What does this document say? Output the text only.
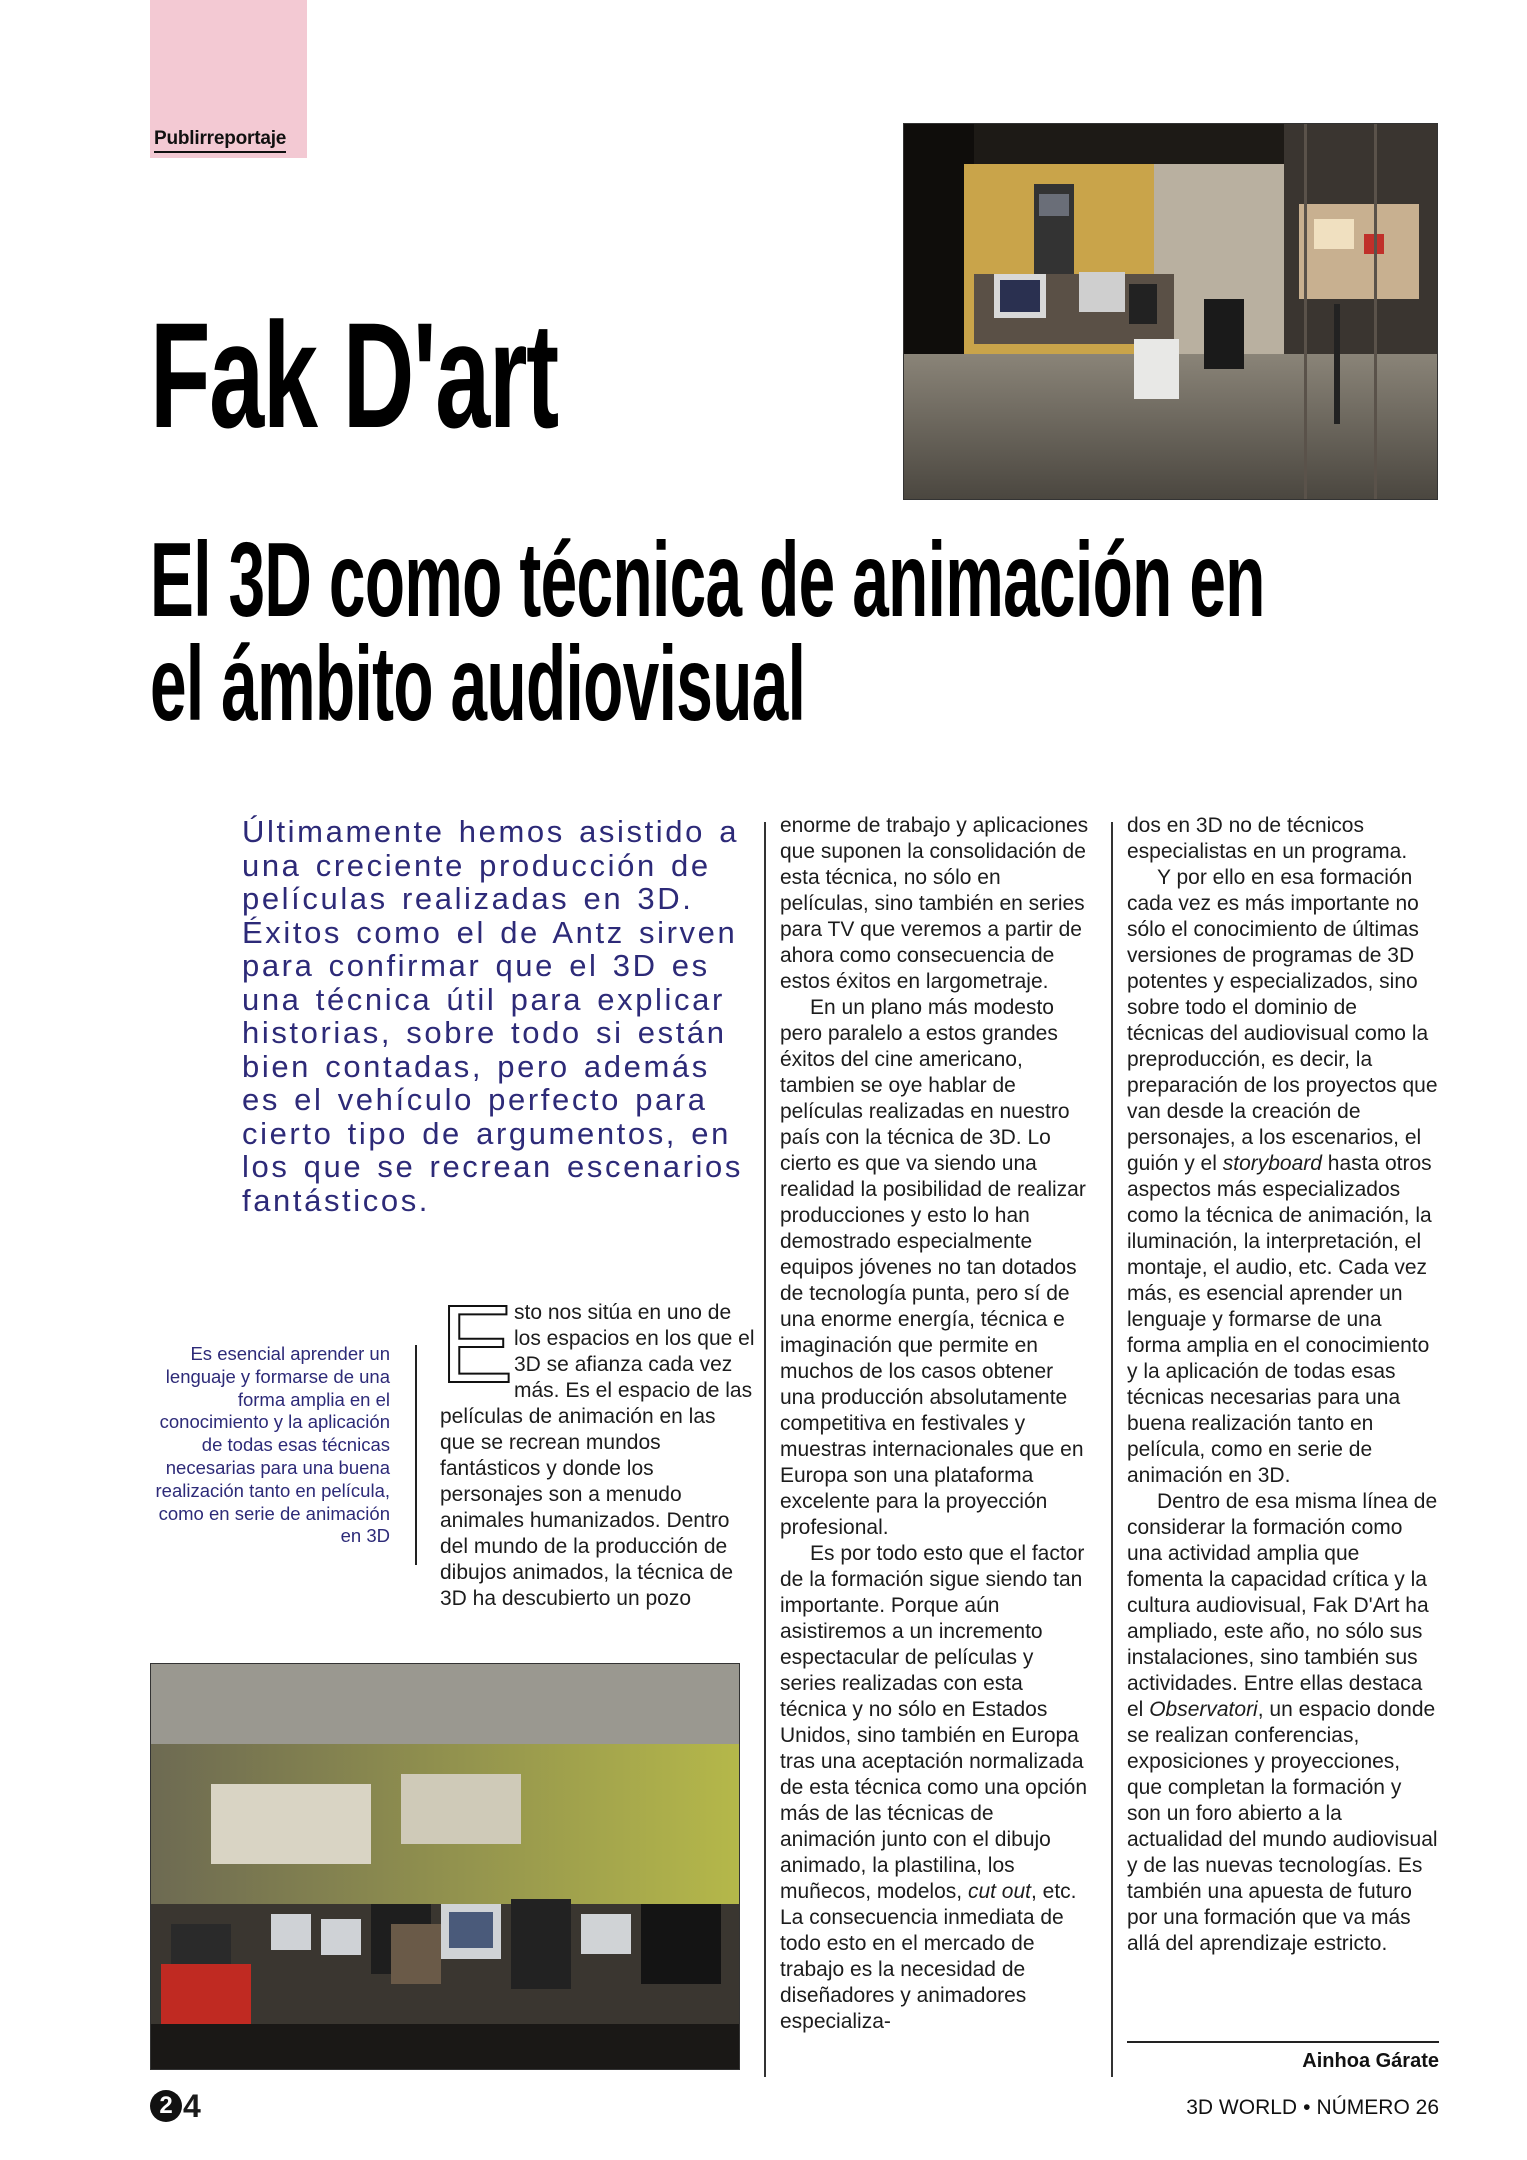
Publirreportaje
Fak D'art
El 3D como técnica de animación en
el ámbito audiovisual
Últimamente hemos asistido a una creciente producción de películas realizadas en 3D. Éxitos como el de Antz sirven para confirmar que el 3D es una técnica útil para explicar historias, sobre todo si están bien contadas, pero además es el vehículo perfecto para cierto tipo de argumentos, en los que se recrean escenarios fantásticos.
Es esencial aprender un lenguaje y formarse de una forma amplia en el conocimiento y la aplicación de todas esas técnicas necesarias para una buena realización tanto en película, como en serie de animación en 3D
E sto nos sitúa en uno de los espacios en los que el 3D se afianza cada vez más. Es el espacio de las películas de animación en las que se recrean mundos fantásticos y donde los personajes son a menudo animales humanizados. Dentro del mundo de la producción de dibujos animados, la técnica de 3D ha descubierto un pozo

enorme de trabajo y aplicaciones que suponen la consolidación de esta técnica, no sólo en películas, sino también en series para TV que veremos a partir de ahora como consecuencia de estos éxitos en largometraje.

En un plano más modesto pero paralelo a estos grandes éxitos del cine americano, tambien se oye hablar de películas realizadas en nuestro país con la técnica de 3D. Lo cierto es que va siendo una realidad la posibilidad de realizar producciones y esto lo han demostrado especialmente equipos jóvenes no tan dotados de tecnología punta, pero sí de una enorme energía, técnica e imaginación que permite en muchos de los casos obtener una producción absolutamente competitiva en festivales y muestras internacionales que en Europa son una plataforma excelente para la proyección profesional.

Es por todo esto que el factor de la formación sigue siendo tan importante. Porque aún asistiremos a un incremento espectacular de películas y series realizadas con esta técnica y no sólo en Estados Unidos, sino también en Europa tras una aceptación normalizada de esta técnica como una opción más de las técnicas de animación junto con el dibujo animado, la plastilina, los muñecos, modelos, cut out, etc. La consecuencia inmediata de todo esto en el mercado de trabajo es la necesidad de diseñadores y animadores especializa-

dos en 3D no de técnicos especialistas en un programa.

Y por ello en esa formación cada vez es más importante no sólo el conocimiento de últimas versiones de programas de 3D potentes y especializados, sino sobre todo el dominio de técnicas del audiovisual como la preproducción, es decir, la preparación de los proyectos que van desde la creación de personajes, a los escenarios, el guión y el storyboard hasta otros aspectos más especializados como la técnica de animación, la iluminación, la interpretación, el montaje, el audio, etc. Cada vez más, es esencial aprender un lenguaje y formarse de una forma amplia en el conocimiento y la aplicación de todas esas técnicas necesarias para una buena realización tanto en película, como en serie de animación en 3D.

Dentro de esa misma línea de considerar la formación como una actividad amplia que fomenta la capacidad crítica y la cultura audiovisual, Fak D'Art ha ampliado, este año, no sólo sus instalaciones, sino también sus actividades. Entre ellas destaca el Observatori, un espacio donde se realizan conferencias, exposiciones y proyecciones, que completan la formación y son un foro abierto a la actualidad del mundo audiovisual y de las nuevas tecnologías. Es también una apuesta de futuro por una formación que va más allá del aprendizaje estricto.

Ainhoa Gárate
2 4	3D WORLD • NÚMERO 26
